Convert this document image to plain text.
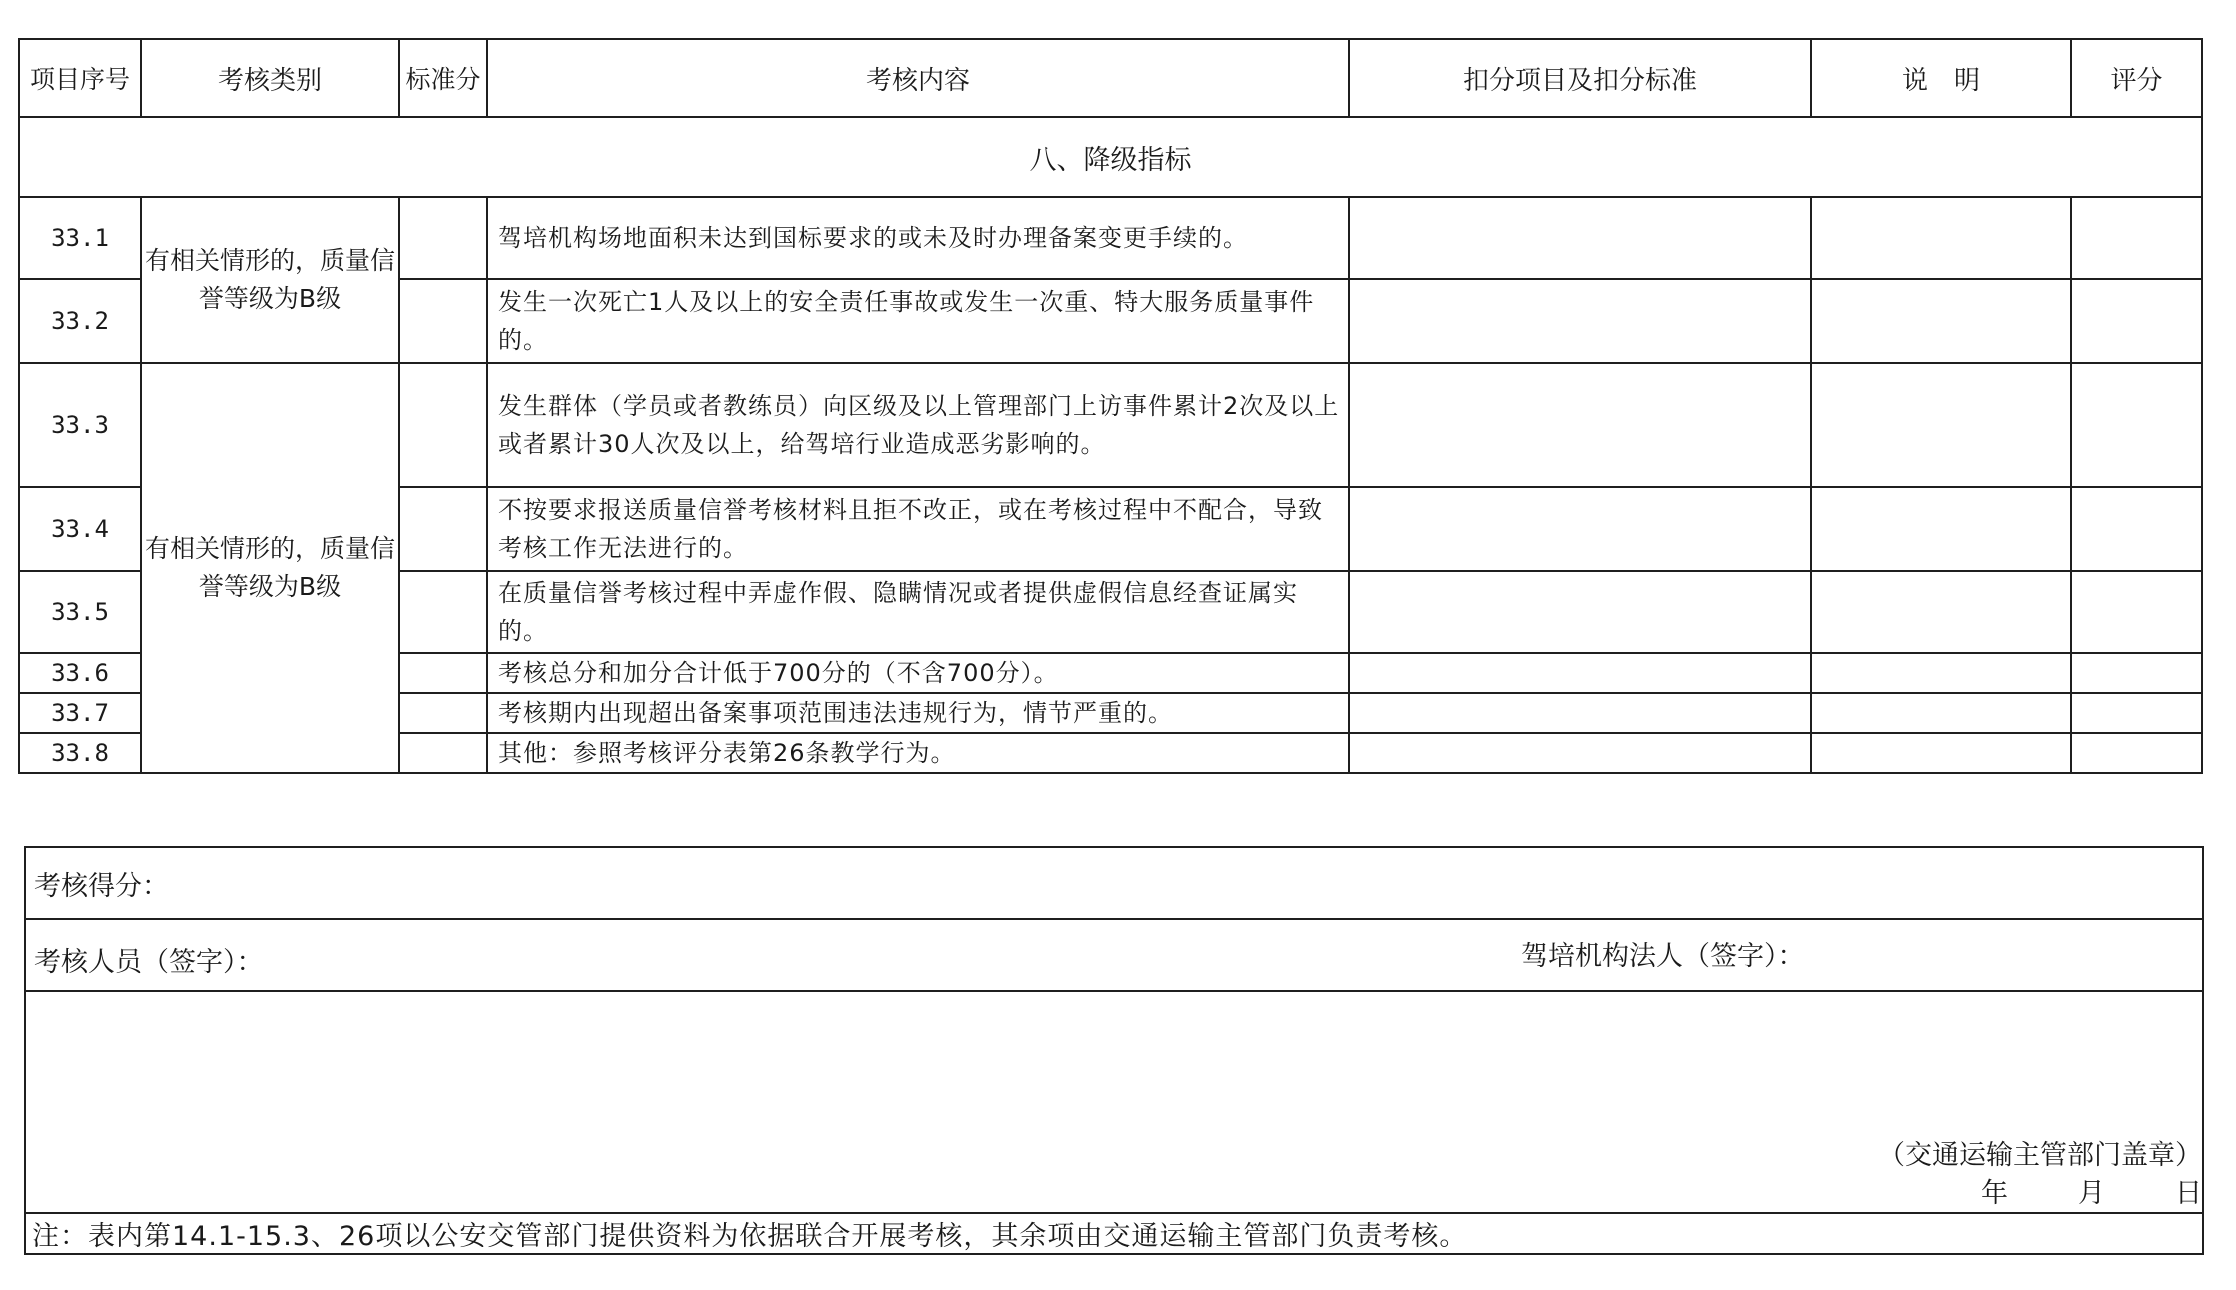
项目序号	考核类别	标准分	考核内容	扣分项目及扣分标准	说　明	评分
八、降级指标						
33.1	有相关情形的，质量信誉等级为B级		驾培机构场地面积未达到国标要求的或未及时办理备案变更手续的。			
33.2			发生一次死亡1人及以上的安全责任事故或发生一次重、特大服务质量事件的。			
33.3	有相关情形的，质量信誉等级为B级		发生群体（学员或者教练员）向区级及以上管理部门上访事件累计2次及以上或者累计30人次及以上，给驾培行业造成恶劣影响的。			
33.4			不按要求报送质量信誉考核材料且拒不改正，或在考核过程中不配合，导致考核工作无法进行的。			
33.5			在质量信誉考核过程中弄虚作假、隐瞒情况或者提供虚假信息经查证属实的。			
33.6			考核总分和加分合计低于700分的（不含700分）。			
33.7			考核期内出现超出备案事项范围违法违规行为，情节严重的。			
33.8			其他：参照考核评分表第26条教学行为。			
考核得分：

考核人员（签字）：	驾培机构法人（签字）：

（交通运输主管部门盖章）
年	月	日

注：表内第14.1-15.3、26项以公安交管部门提供资料为依据联合开展考核，其余项由交通运输主管部门负责考核。
